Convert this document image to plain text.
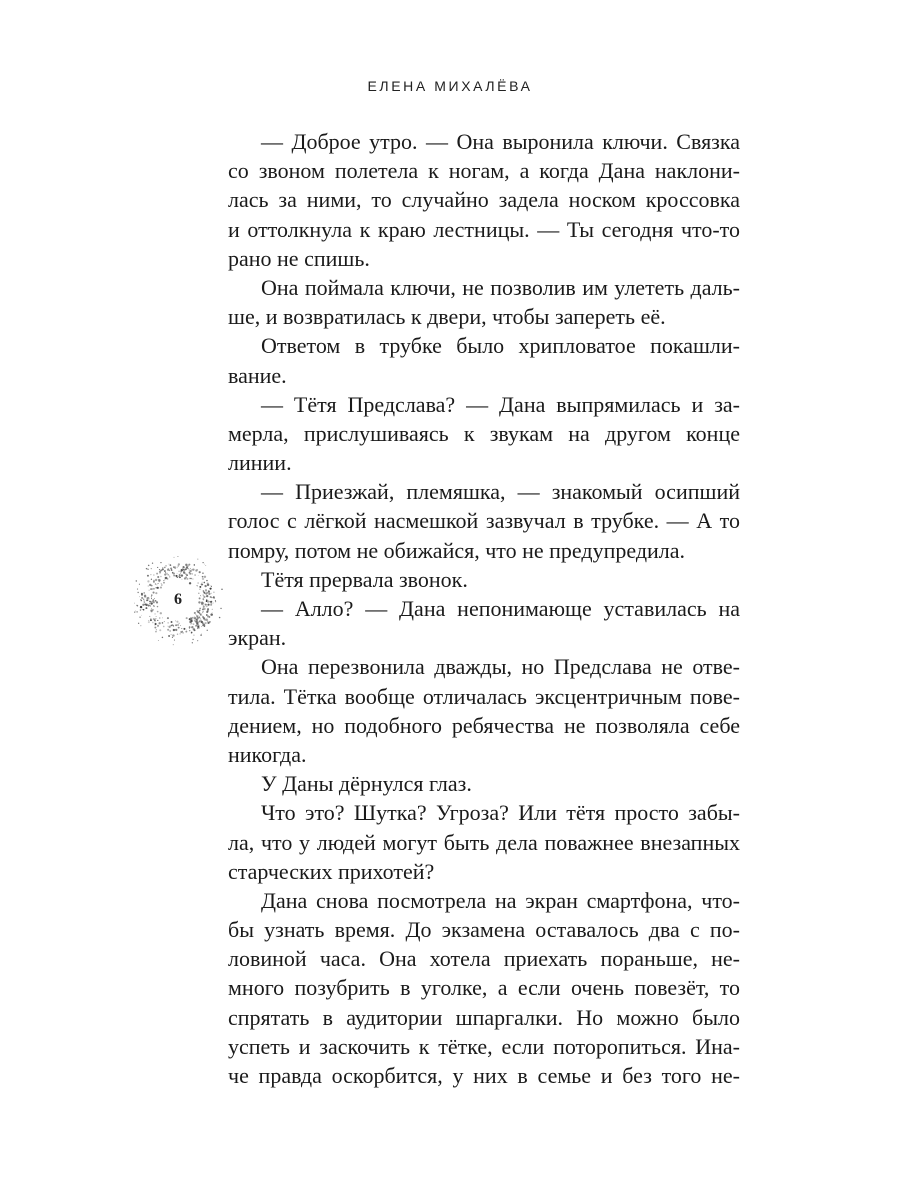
ЕЛЕНА МИХАЛЁВА
— Доброе утро. — Она выронила ключи. Связка
со звоном полетела к ногам, а когда Дана наклони-
лась за ними, то случайно задела носком кроссовка
и оттолкнула к краю лестницы. — Ты сегодня что-то
рано не спишь.
Она поймала ключи, не позволив им улететь даль-
ше, и возвратилась к двери, чтобы запереть её.
Ответом в трубке было хрипловатое покашли-
вание.
— Тётя Предслава? — Дана выпрямилась и за-
мерла, прислушиваясь к звукам на другом конце
линии.
— Приезжай, племяшка, — знакомый осипший
голос с лёгкой насмешкой зазвучал в трубке. — А то
помру, потом не обижайся, что не предупредила.
Тётя прервала звонок.
— Алло? — Дана непонимающе уставилась на
экран.
Она перезвонила дважды, но Предслава не отве-
тила. Тётка вообще отличалась эксцентричным пове-
дением, но подобного ребячества не позволяла себе
никогда.
У Даны дёрнулся глаз.
Что это? Шутка? Угроза? Или тётя просто забы-
ла, что у людей могут быть дела поважнее внезапных
старческих прихотей?
Дана снова посмотрела на экран смартфона, что-
бы узнать время. До экзамена оставалось два с по-
ловиной часа. Она хотела приехать пораньше, не-
много позубрить в уголке, а если очень повезёт, то
спрятать в аудитории шпаргалки. Но можно было
успеть и заскочить к тётке, если поторопиться. Ина-
че правда оскорбится, у них в семье и без того не-
6
